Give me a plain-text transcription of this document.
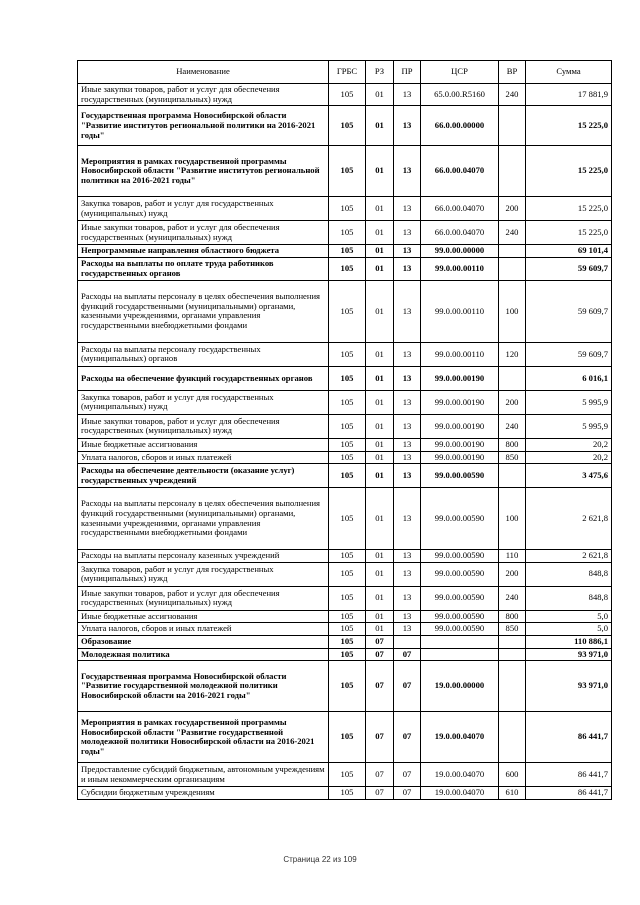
Наименование	ГРБС	РЗ	ПР	ЦСР	ВР	Сумма
Иные закупки товаров, работ и услуг для обеспечения государственных (муниципальных) нужд	105	01	13	65.0.00.R5160	240	17 881,9
Государственная программа Новосибирской области "Развитие институтов региональной политики на 2016-2021 годы"	105	01	13	66.0.00.00000		15 225,0
Мероприятия в рамках государственной программы Новосибирской области "Развитие институтов региональной политики на 2016-2021 годы"	105	01	13	66.0.00.04070		15 225,0
Закупка товаров, работ и услуг для государственных (муниципальных) нужд	105	01	13	66.0.00.04070	200	15 225,0
Иные закупки товаров, работ и услуг для обеспечения государственных (муниципальных) нужд	105	01	13	66.0.00.04070	240	15 225,0
Непрограммные направления областного бюджета	105	01	13	99.0.00.00000		69 101,4
Расходы на выплаты по оплате труда работников государственных органов	105	01	13	99.0.00.00110		59 609,7
Расходы на выплаты персоналу в целях обеспечения выполнения функций государственными (муниципальными) органами, казенными учреждениями, органами управления государственными внебюджетными фондами	105	01	13	99.0.00.00110	100	59 609,7
Расходы на выплаты персоналу государственных (муниципальных) органов	105	01	13	99.0.00.00110	120	59 609,7
Расходы на обеспечение функций государственных органов	105	01	13	99.0.00.00190		6 016,1
Закупка товаров, работ и услуг для государственных (муниципальных) нужд	105	01	13	99.0.00.00190	200	5 995,9
Иные закупки товаров, работ и услуг для обеспечения государственных (муниципальных) нужд	105	01	13	99.0.00.00190	240	5 995,9
Иные бюджетные ассигнования	105	01	13	99.0.00.00190	800	20,2
Уплата налогов, сборов и иных платежей	105	01	13	99.0.00.00190	850	20,2
Расходы на обеспечение деятельности (оказание услуг) государственных учреждений	105	01	13	99.0.00.00590		3 475,6
Расходы на выплаты персоналу в целях обеспечения выполнения функций государственными (муниципальными) органами, казенными учреждениями, органами управления государственными внебюджетными фондами	105	01	13	99.0.00.00590	100	2 621,8
Расходы на выплаты персоналу казенных учреждений	105	01	13	99.0.00.00590	110	2 621,8
Закупка товаров, работ и услуг для государственных (муниципальных) нужд	105	01	13	99.0.00.00590	200	848,8
Иные закупки товаров, работ и услуг для обеспечения государственных (муниципальных) нужд	105	01	13	99.0.00.00590	240	848,8
Иные бюджетные ассигнования	105	01	13	99.0.00.00590	800	5,0
Уплата налогов, сборов и иных платежей	105	01	13	99.0.00.00590	850	5,0
Образование	105	07				110 886,1
Молодежная политика	105	07	07			93 971,0
Государственная программа Новосибирской области "Развитие государственной молодежной политики Новосибирской области на 2016-2021 годы"	105	07	07	19.0.00.00000		93 971,0
Мероприятия в рамках государственной программы Новосибирской области "Развитие государственной молодежной политики Новосибирской области на 2016-2021 годы"	105	07	07	19.0.00.04070		86 441,7
Предоставление субсидий бюджетным, автономным учреждениям и иным некоммерческим организациям	105	07	07	19.0.00.04070	600	86 441,7
Субсидии бюджетным учреждениям	105	07	07	19.0.00.04070	610	86 441,7
Страница 22 из 109
